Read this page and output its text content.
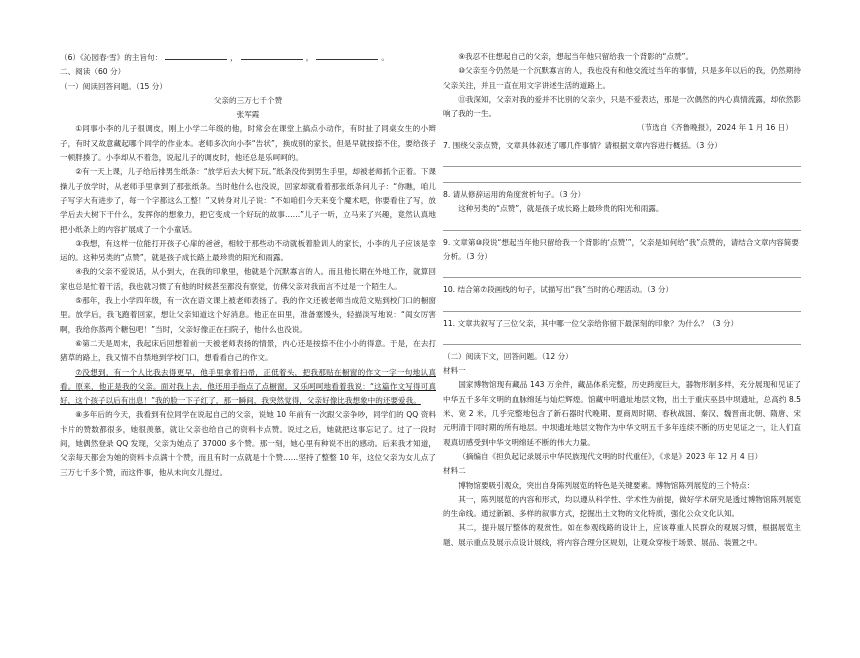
（6）《沁园春·雪》的主旨句：	，	，	。
二、阅读（60 分）
（一）阅读回答问题。（15 分）
父亲的三万七千个赞
张军霞
①同事小李的儿子很调皮，刚上小学二年级的他，时常会在课堂上搞点小动作，有时扯了同桌女生的小辫子，有时又故意藏起哪个同学的作业本。老师多次向小李“告状”，换成别的家长，但是早就按捺不住，要给孩子一顿胖揍了。小李却从不着急，说起儿子的调皮时，他还总是乐呵呵的。
②有一天上课，儿子给后排男生纸条：“放学后去大树下玩。”纸条没传到男生手里，却被老师抓个正着。下课操儿子放学时，从老师手里拿到了那张纸条。当时他什么也没说，回家却就看着那张纸条问儿子：“你瞧，咱儿子写字大有进步了，每一个字都这么工整！”又转身对儿子说：“不如咱们今天来变个魔术吧，你要看住了写，放学后去大树下干什么，发挥你的想象力，把它变成一个好玩的故事……”儿子一听，立马来了兴趣，竟然认真地把小纸条上的内容扩展成了一个小童话。
③我想，有这样一位能打开孩子心扉的爸爸，相较于那些动不动就板着脸训人的家长，小李的儿子应该是幸运的。这种另类的“点赞”，就是孩子成长路上最珍贵的阳光和雨露。
④我的父亲不爱说话，从小到大，在我的印象里，他就是个沉默寡言的人。而且他长期在外地工作，就算回家也总是忙着干活，我也就习惯了有他的时候甚至都没有察觉，仿佛父亲对我而言不过是一个陌生人。
⑤那年，我上小学四年级，有一次在语文课上被老师表扬了。我的作文还被老师当成范文贴到校门口的橱窗里。放学后，我飞跑着回家，想让父亲知道这个好消息。他正在田里，准备塞馒头，轻描淡写地说：“闺女厉害啊，我给你蒸两个糖包吧！”当时，父亲好像正在扫院子，他什么也没说。
⑥第二天是周末，我起床后回想着前一天被老师表扬的情景，内心还是按捺不住小小的得意。于是，在去打猪草的路上，我又情不自禁地到学校门口，想看看自己的作文。
⑦没想到，有一个人比我去得更早，他手里拿着扫帚，正低着头，把我那贴在橱窗的作文一字一句地认真看。原来，他正是我的父亲。面对我上去，他还用手指点了点橱窗，又乐呵呵地看着我说：“这篇作文写得可真好，这个孩子以后有出息！”我的脸一下子红了，那一瞬间，我突然觉得，父亲好像比我想象中的还要爱我。
⑧多年后的今天，我看到有位同学在说起自己的父亲，说她 10 年前有一次跟父亲争吵，同学们的 QQ 资料卡片的赞数都很多，她很羡慕，就让父亲也给自己的资料卡点赞。说过之后，她就把这事忘记了。过了一段时间，她偶然登录 QQ 发现，父亲为她点了 37000 多个赞。那一刻，她心里有种说不出的感动。后来我才知道，父亲每天都会为她的资料卡点满十个赞，而且有时一点就是十个赞……坚持了整整 10 年，这位父亲为女儿点了三万七千多个赞，而这件事，他从未向女儿提过。
⑨我忍不住想起自己的父亲，想起当年他只留给我一个背影的“点赞”。
⑩父亲至今仍然是一个沉默寡言的人，我也没有和他交流过当年的事情，只是多年以后的我，仍然期待父亲关注，并且一直在用文字讲述生活的道路上。
⑪我深知，父亲对我的爱并不比别的父亲少，只是不爱表达，那是一次偶然的内心真情流露，却依然影响了我的一生。
（节选自《齐鲁晚报》，2024 年 1 月 16 日）
7. 围绕父亲点赞，文章具体叙述了哪几件事情？请根据文章内容进行概括。（3 分）
8. 请从修辞运用的角度赏析句子。（3 分）
这种另类的“点赞”，就是孩子成长路上最珍贵的阳光和雨露。
9. 文章第⑩段说“想起当年他只留给我一个背影的‘点赞’”，父亲是如何给“我”点赞的，请结合文章内容简要分析。（3 分）
10. 结合第⑦段画线的句子，试描写出“我”当时的心理活动。（3 分）
11. 文章共叙写了三位父亲，其中哪一位父亲给你留下最深刻的印象？为什么？（3 分）
（二）阅读下文，回答问题。（12 分）
材料一
国家博物馆现有藏品 143 万余件，藏品体系完整，历史跨度巨大，器物形制多样，充分展现和见证了中华五千多年文明的血脉绵延与灿烂辉煌。馆藏中明遗址地层文物，出土于重庆巫县中坝遗址，总高约 8.5 米、宽 2 米，几乎完整地包含了新石器时代晚期、夏商周时期、春秋战国、秦汉、魏晋南北朝、隋唐、宋元明清于同时期的所有地层。中坝遗址地层文物作为中华文明五千多年连续不断的历史见证之一，让人们直观真切感受到中华文明绵延不断的伟大力量。
（摘编自《担负起记录展示中华民族现代文明的时代重任》，《求是》2023 年 12 月 4 日）
材料二
博物馆要吸引观众，突出自身陈列展览的特色是关键要素。博物馆陈列展览的三个特点：
其一，陈列展览的内容和形式，均以遵从科学性、学术性为前提，做好学术研究是透过博物馆陈列展览的生命线。通过新颖、多样的叙事方式，挖掘出土文物的文化特质，强化公众文化认知。
其二，提升展厅整体的观赏性。如在参观线路的设计上，应该尊重人民群众的观展习惯，根据展览主题、展示重点及展示点设计展线，将内容合理分区规划，让观众穿梭于场景、展品、装置之中。
